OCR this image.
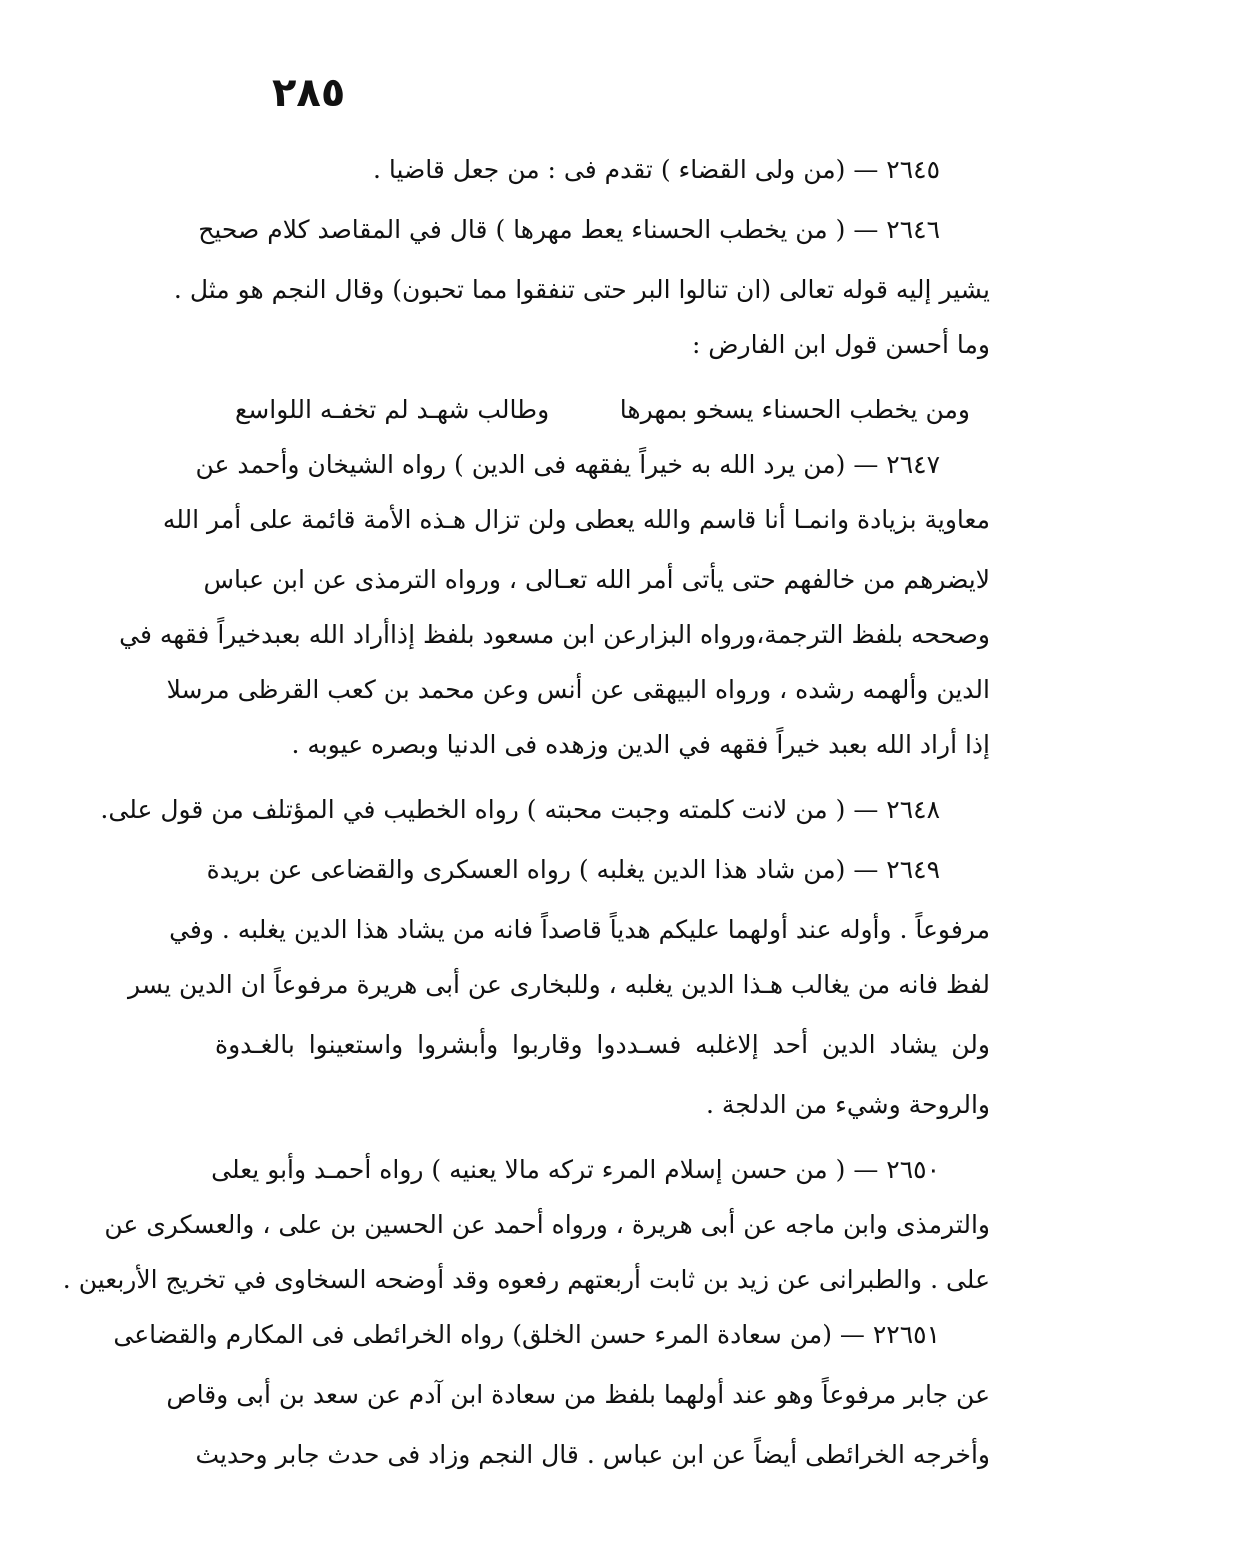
٢٨٥
٢٦٤٥ — (من ولى القضاء ) تقدم فى : من جعل قاضيا .
٢٦٤٦ — ( من يخطب الحسناء يعط مهرها ) قال في المقاصد كلام صحيح
يشير إليه قوله تعالى (ان تنالوا البر حتى تنفقوا مما تحبون) وقال النجم هو مثل .
وما أحسن قول ابن الفارض :
ومن يخطب الحسناء يسخو بمهرها
وطالب شهـد لم تخفـه اللواسع
٢٦٤٧ — (من يرد الله به خيراً يفقهه فى الدين ) رواه الشيخان وأحمد عن
معاوية بزيادة وانمـا أنا قاسم والله يعطى ولن تزال هـذه الأمة قائمة على أمر الله
لايضرهم من خالفهم حتى يأتى أمر الله تعـالى ، ورواه الترمذى عن ابن عباس
وصححه بلفظ الترجمة،ورواه البزارعن ابن مسعود بلفظ إذاأراد الله بعبدخيراً فقهه في
الدين وألهمه رشده ، ورواه البيهقى عن أنس وعن محمد بن كعب القرظى مرسلا
إذا أراد الله بعبد خيراً فقهه في الدين وزهده فى الدنيا وبصره عيوبه .
٢٦٤٨ — ( من لانت كلمته وجبت محبته ) رواه الخطيب في المؤتلف من قول على.
٢٦٤٩ — (من شاد هذا الدين يغلبه ) رواه العسكرى والقضاعى عن بريدة
مرفوعاً . وأوله عند أولهما عليكم هدياً قاصداً فانه من يشاد هذا الدين يغلبه . وفي
لفظ فانه من يغالب هـذا الدين يغلبه ، وللبخارى عن أبى هريرة مرفوعاً ان الدين يسر
ولن يشاد الدين أحد إلاغلبه فسـددوا وقاربوا وأبشروا واستعينوا بالغـدوة
والروحة وشيء من الدلجة .
٢٦٥٠ — ( من حسن إسلام المرء تركه مالا يعنيه ) رواه أحمـد وأبو يعلى
والترمذى وابن ماجه عن أبى هريرة ، ورواه أحمد عن الحسين بن على ، والعسكرى عن
على . والطبرانى عن زيد بن ثابت أربعتهم رفعوه وقد أوضحه السخاوى في تخريج الأربعين .
٢٢٦٥١ — (من سعادة المرء حسن الخلق) رواه الخرائطى فى المكارم والقضاعى
عن جابر مرفوعاً وهو عند أولهما بلفظ من سعادة ابن آدم عن سعد بن أبى وقاص
وأخرجه الخرائطى أيضاً عن ابن عباس . قال النجم وزاد فى حدث جابر وحديث
